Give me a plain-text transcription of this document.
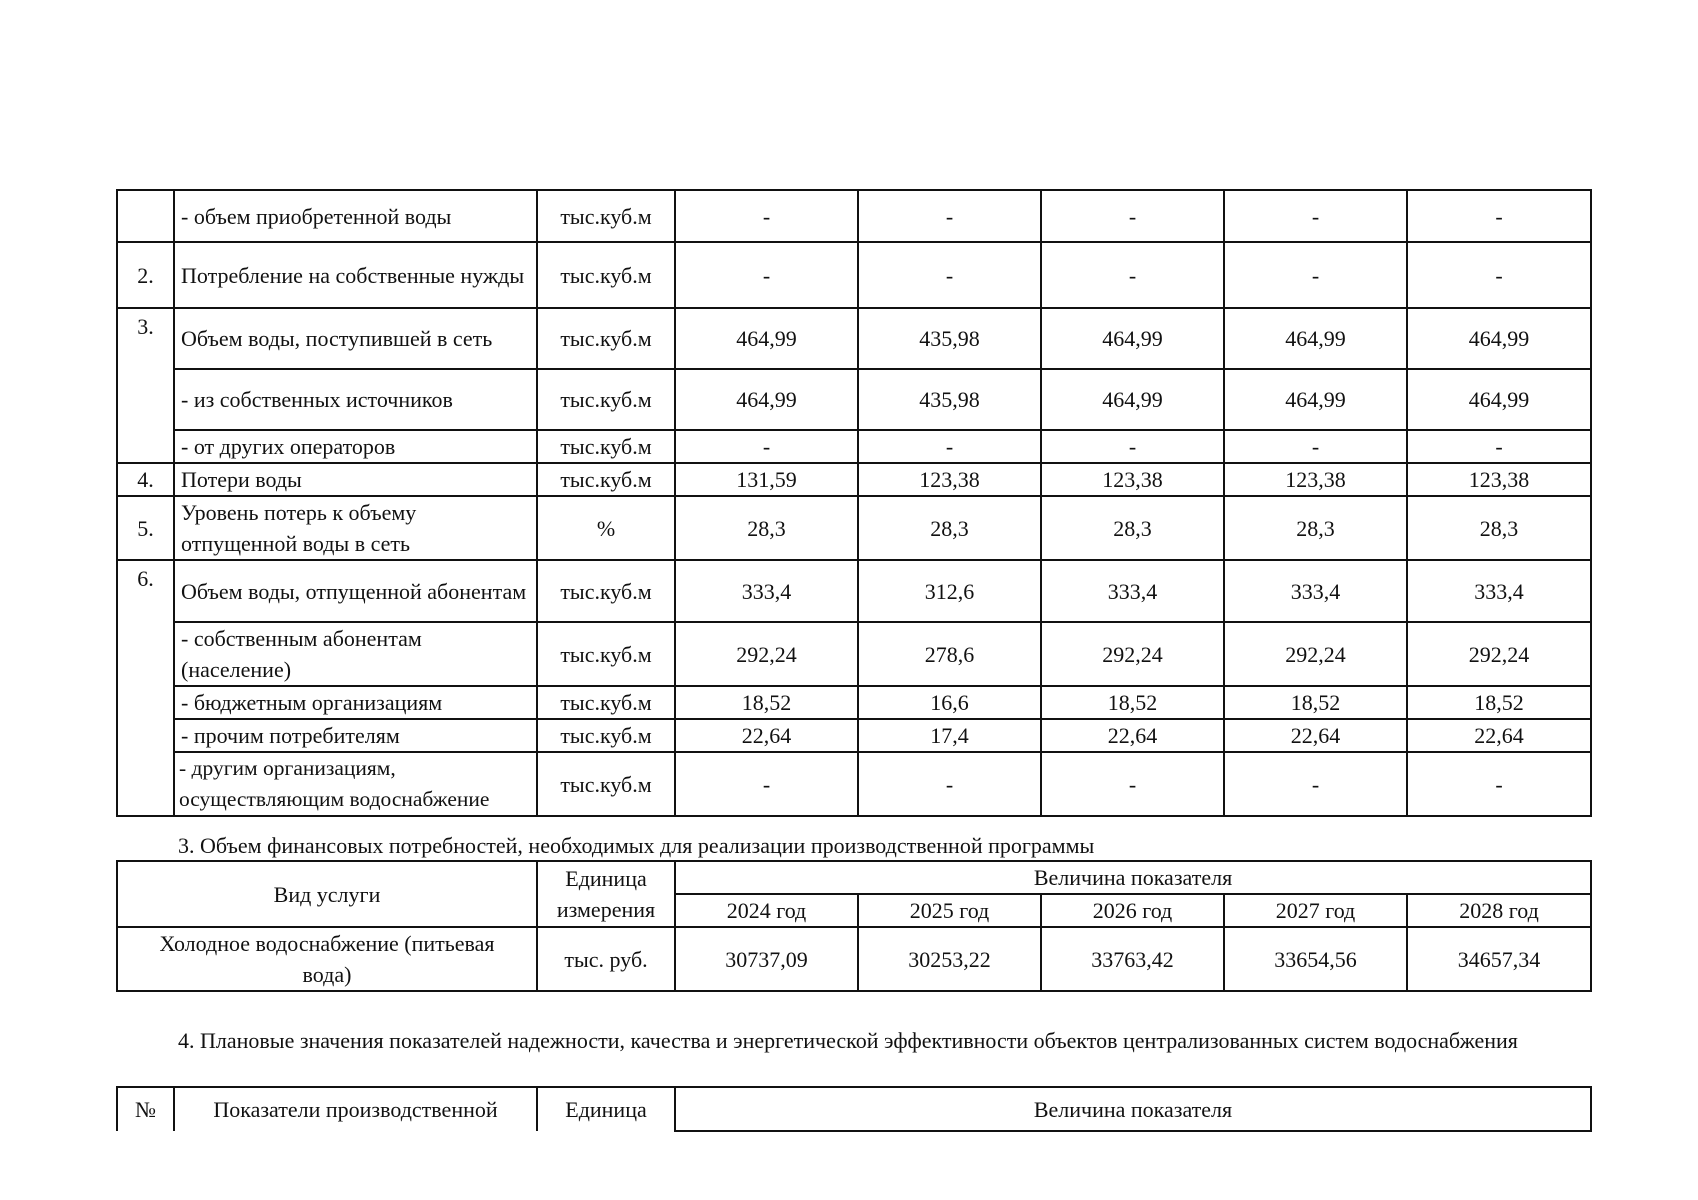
	- объем приобретенной воды	тыс.куб.м	-	-	-	-	-
2.	Потребление на собственные нужды	тыс.куб.м	-	-	-	-	-
3.	Объем воды, поступившей в сеть	тыс.куб.м	464,99	435,98	464,99	464,99	464,99
	- из собственных источников	тыс.куб.м	464,99	435,98	464,99	464,99	464,99
	- от других операторов	тыс.куб.м	-	-	-	-	-
4.	Потери воды	тыс.куб.м	131,59	123,38	123,38	123,38	123,38
5.	Уровень потерь к объему отпущенной воды в сеть	%	28,3	28,3	28,3	28,3	28,3
6.	Объем воды, отпущенной абонентам	тыс.куб.м	333,4	312,6	333,4	333,4	333,4
	- собственным абонентам (население)	тыс.куб.м	292,24	278,6	292,24	292,24	292,24
	- бюджетным организациям	тыс.куб.м	18,52	16,6	18,52	18,52	18,52
	- прочим потребителям	тыс.куб.м	22,64	17,4	22,64	22,64	22,64
	- другим организациям, осуществляющим водоснабжение	тыс.куб.м	-	-	-	-	-
3. Объем финансовых потребностей, необходимых для реализации производственной программы
Вид услуги	Единица измерения	Величина показателя				
		2024 год	2025 год	2026 год	2027 год	2028 год
Холодное водоснабжение (питьевая вода)	тыс. руб.	30737,09	30253,22	33763,42	33654,56	34657,34
4. Плановые значения показателей надежности, качества и энергетической эффективности объектов централизованных систем водоснабжения
№	Показатели производственной	Единица	Величина показателя
